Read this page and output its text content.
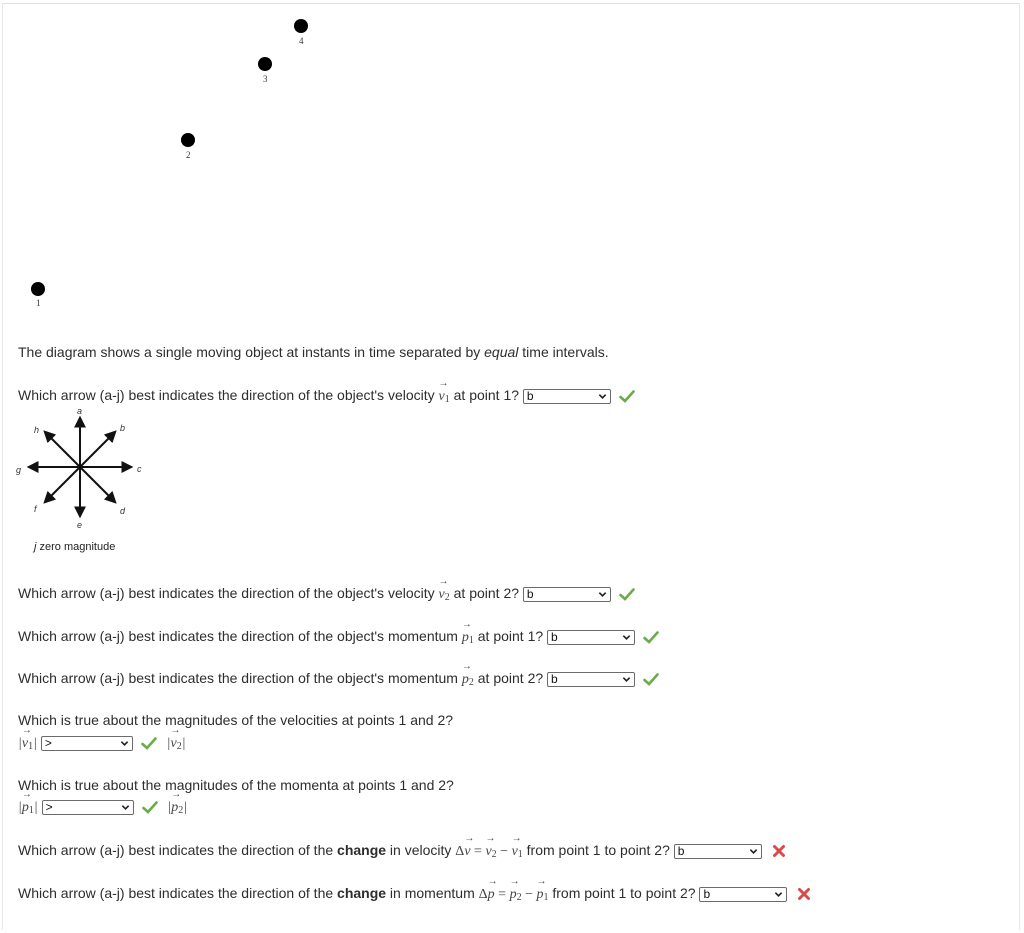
1
2
3
4
The diagram shows a single moving object at instants in time separated by equal time intervals.
Which arrow (a-j) best indicates the direction of the object's velocity → $v_1$ at point 1? b

a
b
c
d
e
f
g
h
j zero magnitude
Which arrow (a-j) best indicates the direction of the object's velocity → $v_2$ at point 2? b

Which arrow (a-j) best indicates the direction of the object's momentum → $p_1$ at point 1? b

Which arrow (a-j) best indicates the direction of the object's momentum → $p_2$ at point 2? b

Which is true about the magnitudes of the velocities at points 1 and 2?
|→ $v_1|$ >	|→ $v_2|$
Which is true about the magnitudes of the momenta at points 1 and 2?
|→ $p_1|$ >	|→ $p_2|$
Which arrow (a-j) best indicates the direction of the change in velocity Δ→ v = → $v_2$ − → $v_1$ from point 1 to point 2? b

Which arrow (a-j) best indicates the direction of the change in momentum Δ→ p = → $p_2$ − → $p_1$ from point 1 to point 2? b
